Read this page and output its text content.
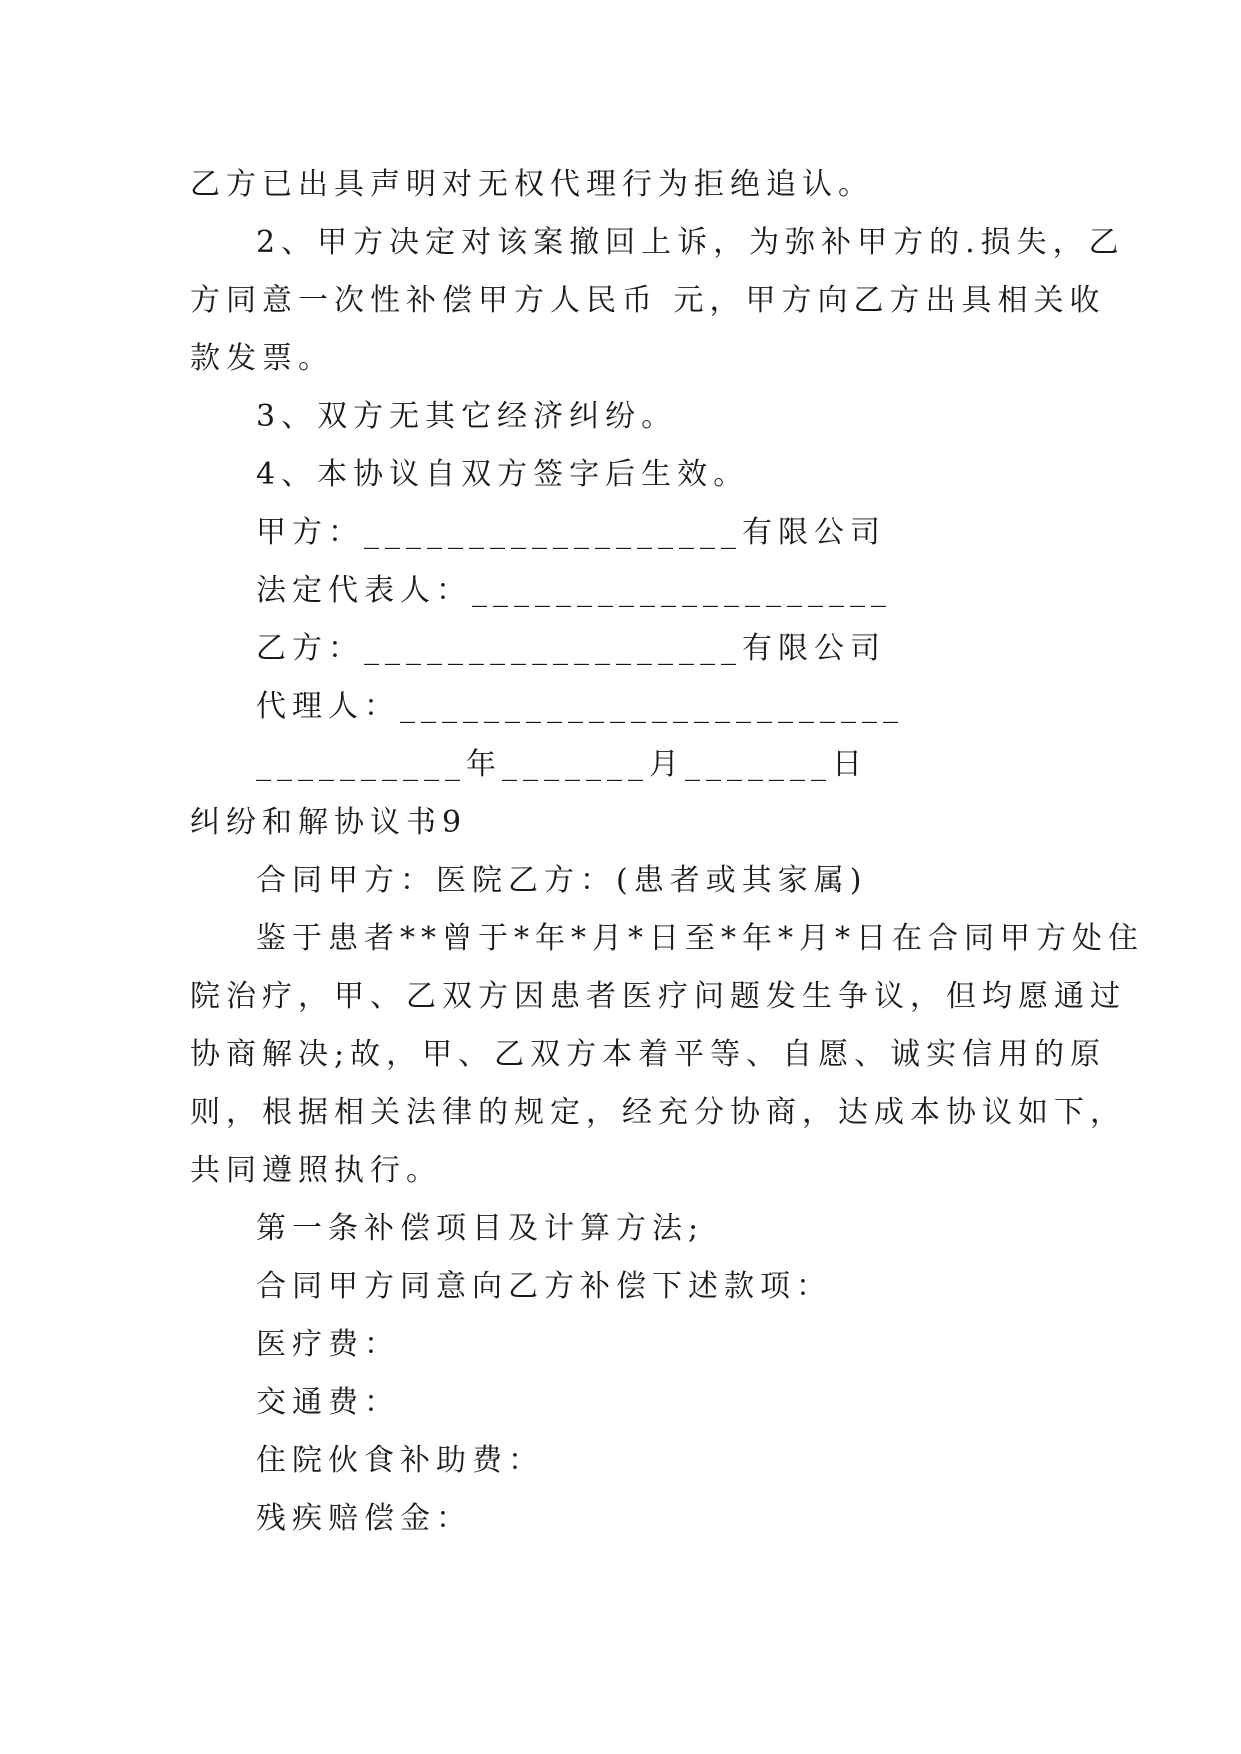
乙方已出具声明对无权代理行为拒绝追认。
2、甲方决定对该案撤回上诉，为弥补甲方的.损失，乙
方同意一次性补偿甲方人民币 元，甲方向乙方出具相关收
款发票。
3、双方无其它经济纠纷。
4、本协议自双方签字后生效。
甲方：__________________有限公司
法定代表人：____________________
乙方：__________________有限公司
代理人：________________________
__________年_______月_______日
纠纷和解协议书9
合同甲方：医院乙方：(患者或其家属)
鉴于患者**曾于*年*月*日至*年*月*日在合同甲方处住
院治疗，甲、乙双方因患者医疗问题发生争议，但均愿通过
协商解决;故，甲、乙双方本着平等、自愿、诚实信用的原
则，根据相关法律的规定，经充分协商，达成本协议如下，
共同遵照执行。
第一条补偿项目及计算方法;
合同甲方同意向乙方补偿下述款项：
医疗费：
交通费：
住院伙食补助费：
残疾赔偿金：
